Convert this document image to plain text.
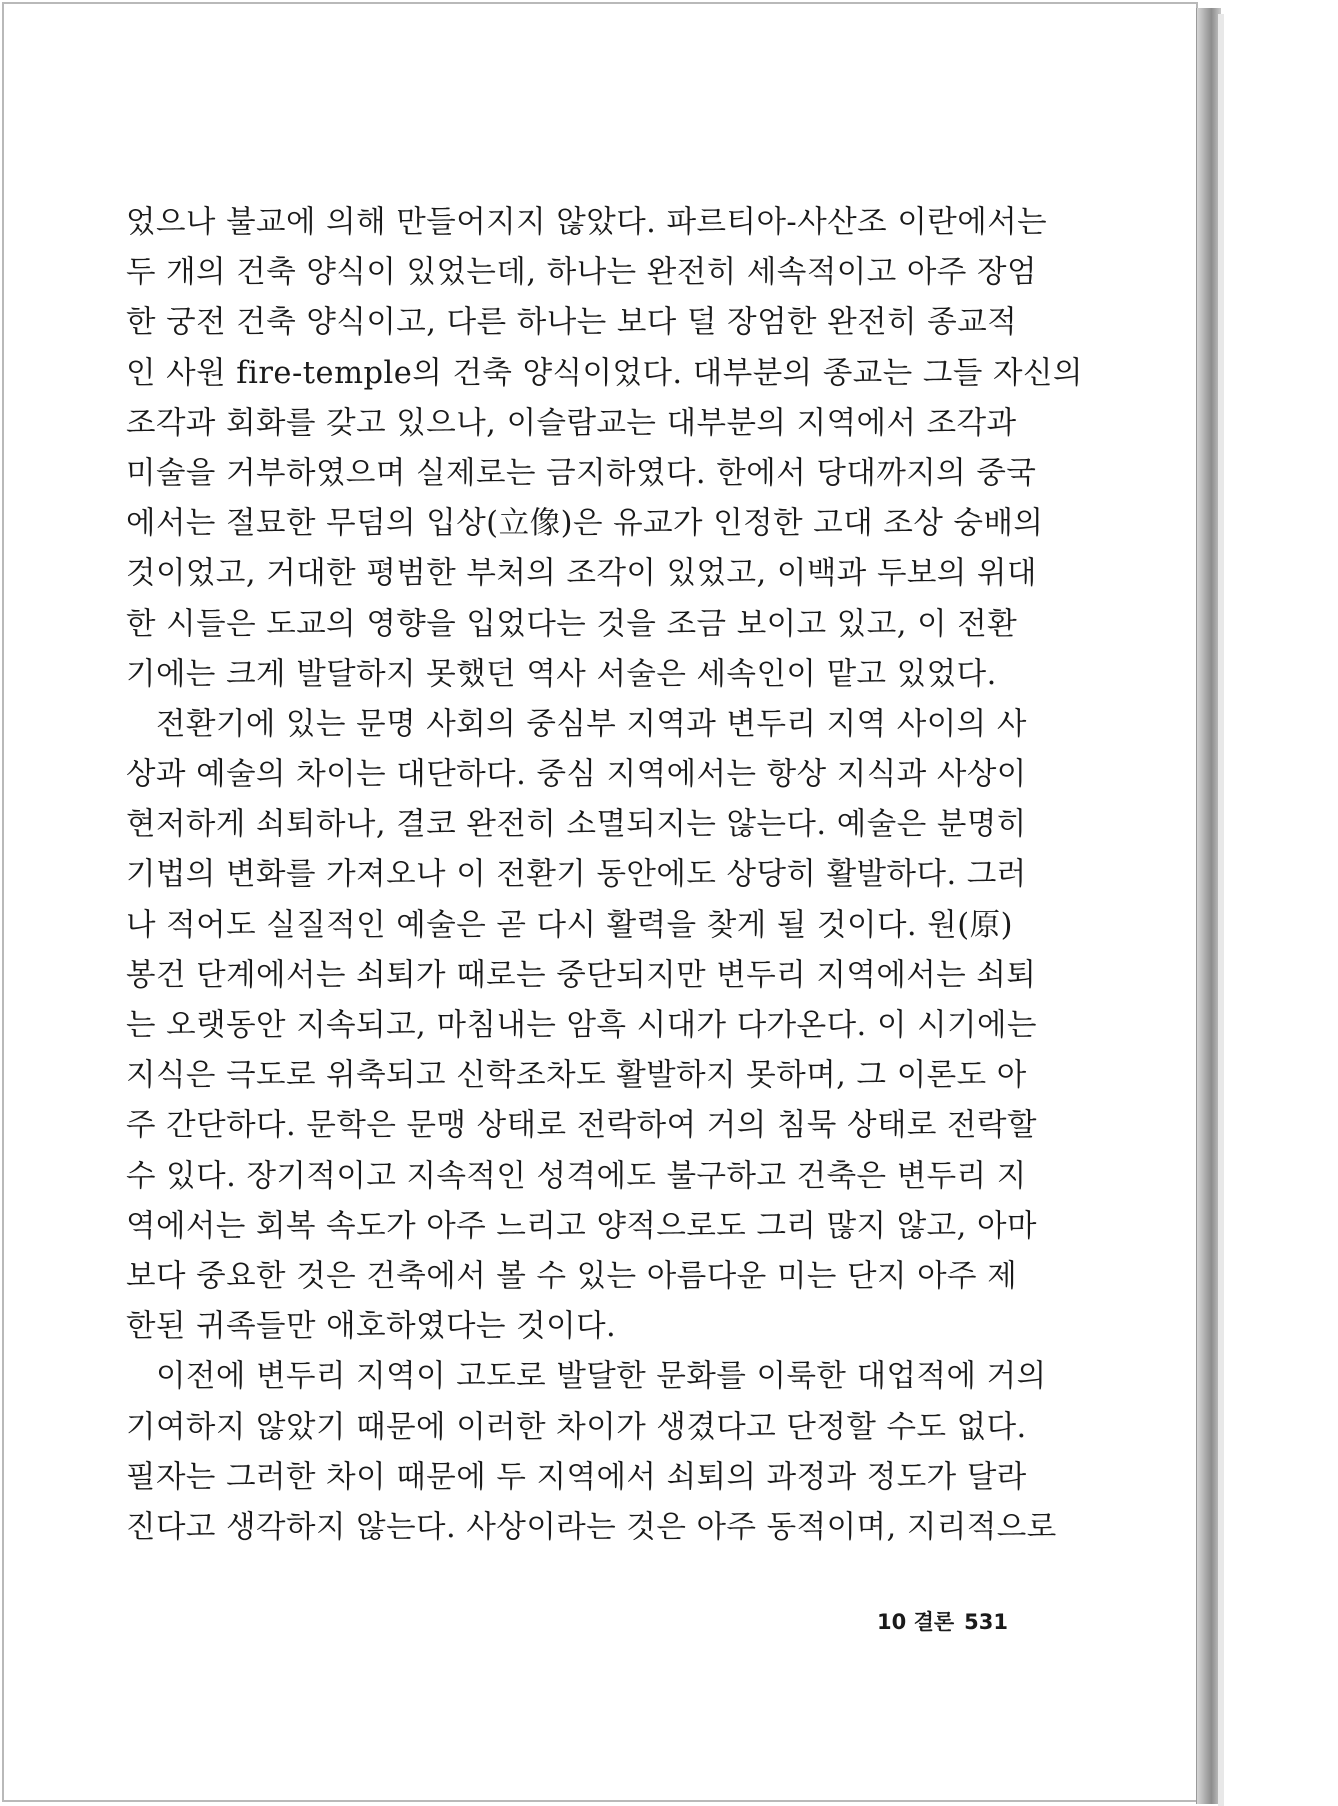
었으나 불교에 의해 만들어지지 않았다. 파르티아-사산조 이란에서는
두 개의 건축 양식이 있었는데, 하나는 완전히 세속적이고 아주 장엄
한 궁전 건축 양식이고, 다른 하나는 보다 덜 장엄한 완전히 종교적
인 사원 fire-temple의 건축 양식이었다. 대부분의 종교는 그들 자신의
조각과 회화를 갖고 있으나, 이슬람교는 대부분의 지역에서 조각과
미술을 거부하였으며 실제로는 금지하였다. 한에서 당대까지의 중국
에서는 절묘한 무덤의 입상(立像)은 유교가 인정한 고대 조상 숭배의
것이었고, 거대한 평범한 부처의 조각이 있었고, 이백과 두보의 위대
한 시들은 도교의 영향을 입었다는 것을 조금 보이고 있고, 이 전환
기에는 크게 발달하지 못했던 역사 서술은 세속인이 맡고 있었다.
전환기에 있는 문명 사회의 중심부 지역과 변두리 지역 사이의 사
상과 예술의 차이는 대단하다. 중심 지역에서는 항상 지식과 사상이
현저하게 쇠퇴하나, 결코 완전히 소멸되지는 않는다. 예술은 분명히
기법의 변화를 가져오나 이 전환기 동안에도 상당히 활발하다. 그러
나 적어도 실질적인 예술은 곧 다시 활력을 찾게 될 것이다. 원(原)
봉건 단계에서는 쇠퇴가 때로는 중단되지만 변두리 지역에서는 쇠퇴
는 오랫동안 지속되고, 마침내는 암흑 시대가 다가온다. 이 시기에는
지식은 극도로 위축되고 신학조차도 활발하지 못하며, 그 이론도 아
주 간단하다. 문학은 문맹 상태로 전락하여 거의 침묵 상태로 전락할
수 있다. 장기적이고 지속적인 성격에도 불구하고 건축은 변두리 지
역에서는 회복 속도가 아주 느리고 양적으로도 그리 많지 않고, 아마
보다 중요한 것은 건축에서 볼 수 있는 아름다운 미는 단지 아주 제
한된 귀족들만 애호하였다는 것이다.
이전에 변두리 지역이 고도로 발달한 문화를 이룩한 대업적에 거의
기여하지 않았기 때문에 이러한 차이가 생겼다고 단정할 수도 없다.
필자는 그러한 차이 때문에 두 지역에서 쇠퇴의 과정과 정도가 달라
진다고 생각하지 않는다. 사상이라는 것은 아주 동적이며, 지리적으로
10 결론 531
